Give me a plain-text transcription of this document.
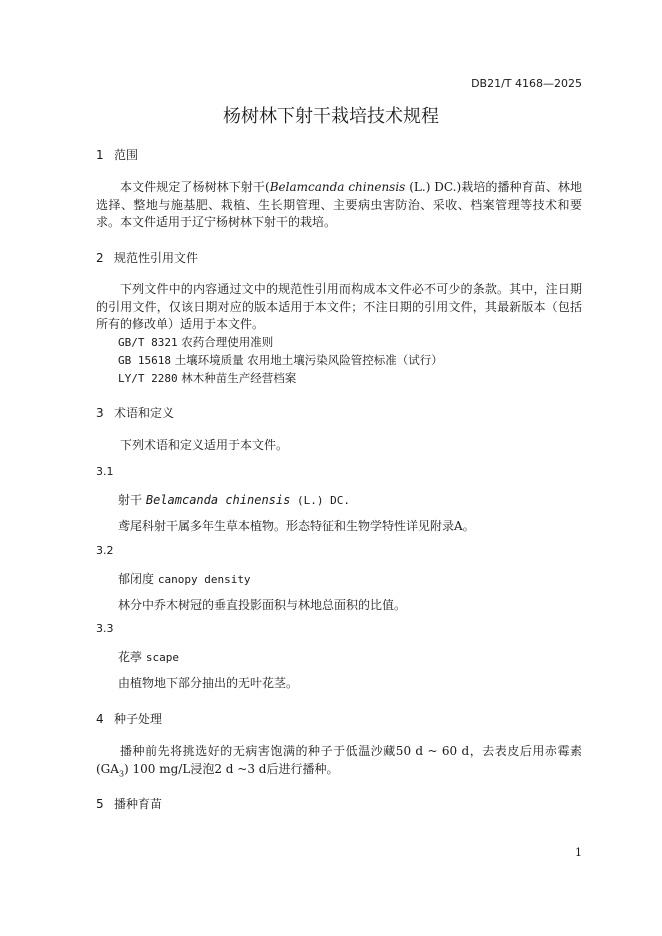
DB21/T 4168—2025
杨树林下射干栽培技术规程
1 范围
本文件规定了杨树林下射干(Belamcanda chinensis (L.) DC.)栽培的播种育苗、林地选择、整地与施基肥、栽植、生长期管理、主要病虫害防治、采收、档案管理等技术和要求。 本文件适用于辽宁杨树林下射干的栽培。
2 规范性引用文件
下列文件中的内容通过文中的规范性引用而构成本文件必不可少的条款。其中，注日期的引用文件，仅该日期对应的版本适用于本文件；不注日期的引用文件，其最新版本（包括所有的修改单）适用于本文件。
GB/T 8321 农药合理使用准则
GB 15618 土壤环境质量 农用地土壤污染风险管控标准（试行）
LY/T 2280 林木种苗生产经营档案
3 术语和定义
下列术语和定义适用于本文件。
3.1
射干 Belamcanda chinensis (L.) DC.
鸢尾科射干属多年生草本植物。形态特征和生物学特性详见附录A。
3.2
郁闭度 canopy density
林分中乔木树冠的垂直投影面积与林地总面积的比值。
3.3
花葶 scape
由植物地下部分抽出的无叶花茎。
4 种子处理
播种前先将挑选好的无病害饱满的种子于低温沙藏50 d ~ 60 d，去表皮后用赤霉素$(GA_3)$ 100 mg/L浸泡2 d ~3 d后进行播种。
5 播种育苗
1
